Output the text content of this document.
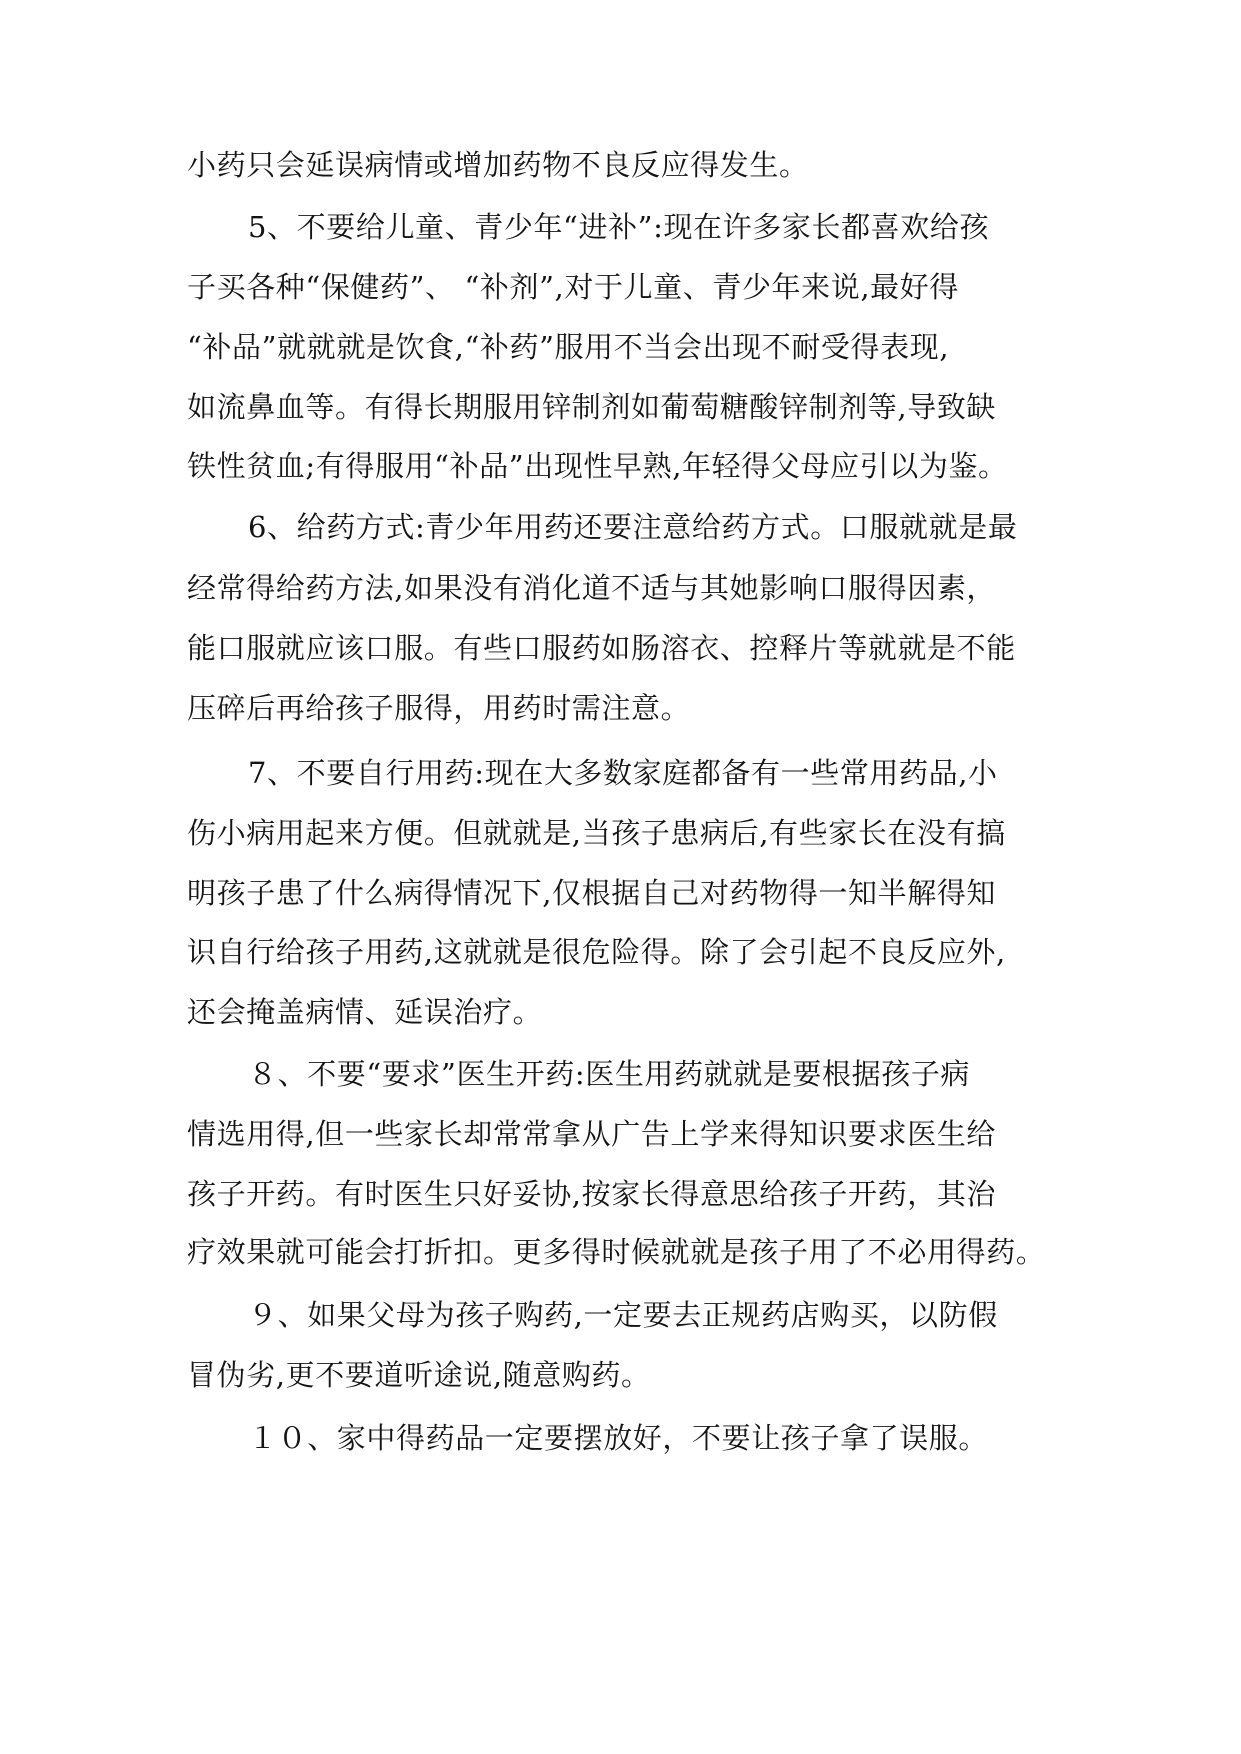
小药只会延误病情或增加药物不良反应得发生。
5、不要给儿童、青少年“进补”:现在许多家长都喜欢给孩
子买各种“保健药”、 “补剂”,对于儿童、青少年来说,最好得
“补品”就就就是饮食,“补药”服用不当会出现不耐受得表现,
如流鼻血等。有得长期服用锌制剂如葡萄糖酸锌制剂等,导致缺
铁性贫血;有得服用“补品”出现性早熟,年轻得父母应引以为鉴。
6、给药方式:青少年用药还要注意给药方式。口服就就是最
经常得给药方法,如果没有消化道不适与其她影响口服得因素，
能口服就应该口服。有些口服药如肠溶衣、控释片等就就是不能
压碎后再给孩子服得，用药时需注意。
7、不要自行用药:现在大多数家庭都备有一些常用药品,小
伤小病用起来方便。但就就是,当孩子患病后,有些家长在没有搞
明孩子患了什么病得情况下,仅根据自己对药物得一知半解得知
识自行给孩子用药,这就就是很危险得。除了会引起不良反应外,
还会掩盖病情、延误治疗。
８、不要“要求”医生开药:医生用药就就是要根据孩子病
情选用得,但一些家长却常常拿从广告上学来得知识要求医生给
孩子开药。有时医生只好妥协,按家长得意思给孩子开药，其治
疗效果就可能会打折扣。更多得时候就就是孩子用了不必用得药。
９、如果父母为孩子购药,一定要去正规药店购买，以防假
冒伪劣,更不要道听途说,随意购药。
１０、家中得药品一定要摆放好，不要让孩子拿了误服。
